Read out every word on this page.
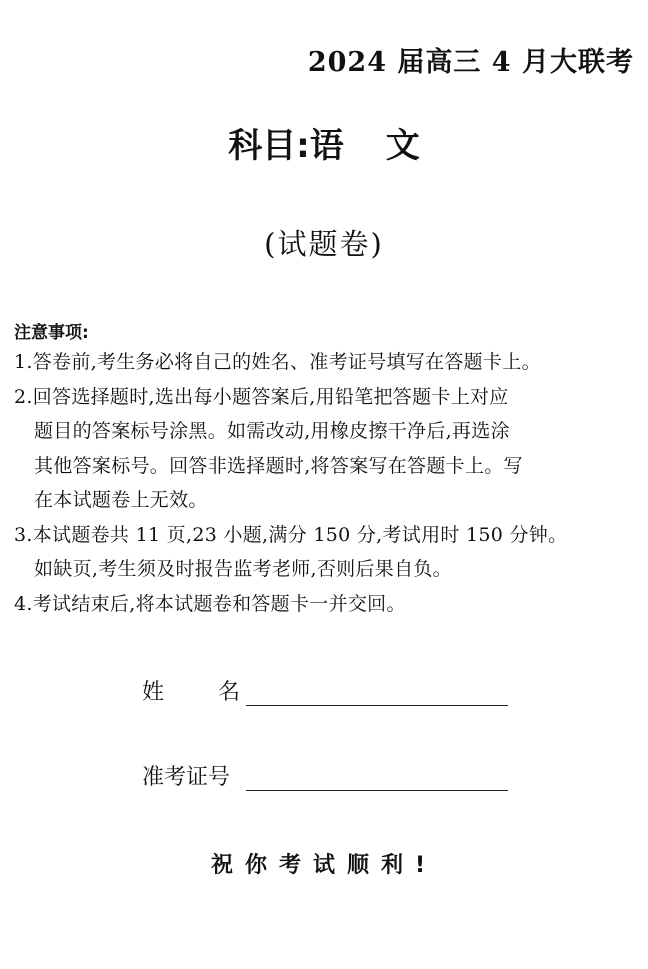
2024 届高三 4 月大联考
科目:语 文
(试题卷)
注意事项:
1.答卷前,考生务必将自己的姓名、准考证号填写在答题卡上。
2.回答选择题时,选出每小题答案后,用铅笔把答题卡上对应
题目的答案标号涂黑。如需改动,用橡皮擦干净后,再选涂
其他答案标号。回答非选择题时,将答案写在答题卡上。写
在本试题卷上无效。
3.本试题卷共 11 页,23 小题,满分 150 分,考试用时 150 分钟。
如缺页,考生须及时报告监考老师,否则后果自负。
4.考试结束后,将本试题卷和答题卡一并交回。
姓 名
准考证号
祝你考试顺利!
